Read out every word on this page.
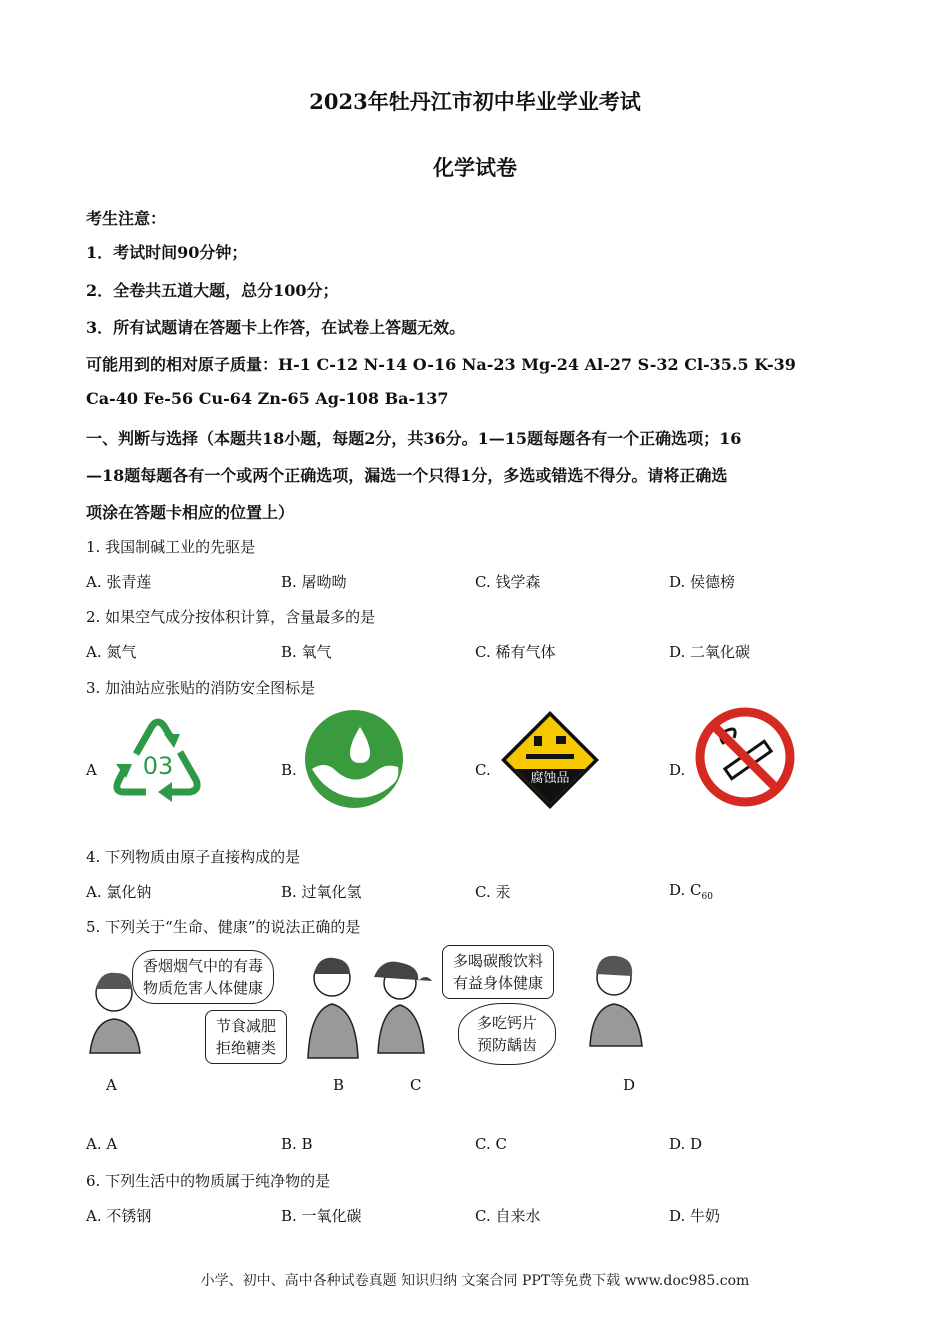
2023年牡丹江市初中毕业学业考试
化学试卷
考生注意：
1．考试时间90分钟；
2．全卷共五道大题，总分100分；
3．所有试题请在答题卡上作答，在试卷上答题无效。
可能用到的相对原子质量：H-1 C-12 N-14 O-16 Na-23 Mg-24 Al-27 S-32 Cl-35.5 K-39
Ca-40 Fe-56 Cu-64 Zn-65 Ag-108 Ba-137
一、判断与选择（本题共18小题，每题2分，共36分。1—15题每题各有一个正确选项；16
—18题每题各有一个或两个正确选项，漏选一个只得1分，多选或错选不得分。请将正确选
项涂在答题卡相应的位置上）
1. 我国制碱工业的先驱是
A. 张青莲	B. 屠呦呦	C. 钱学森	D. 侯德榜
2. 如果空气成分按体积计算，含量最多的是
A. 氮气	B. 氧气	C. 稀有气体	D. 二氧化碳
3. 加油站应张贴的消防安全图标是
A	B.	C.	D.
03	腐蚀品
4. 下列物质由原子直接构成的是
A. 氯化钠	B. 过氧化氢	C. 汞	D. $C_{60}$
5. 下列关于“生命、健康”的说法正确的是
香烟烟气中的有毒
物质危害人体健康
节食减肥
拒绝糖类
多喝碳酸饮料
有益身体健康
多吃钙片
预防龋齿
A	B	C	D
A. A	B. B	C. C	D. D
6. 下列生活中的物质属于纯净物的是
A. 不锈钢	B. 一氧化碳	C. 自来水	D. 牛奶
小学、初中、高中各种试卷真题 知识归纳 文案合同 PPT等免费下载 www.doc985.com
